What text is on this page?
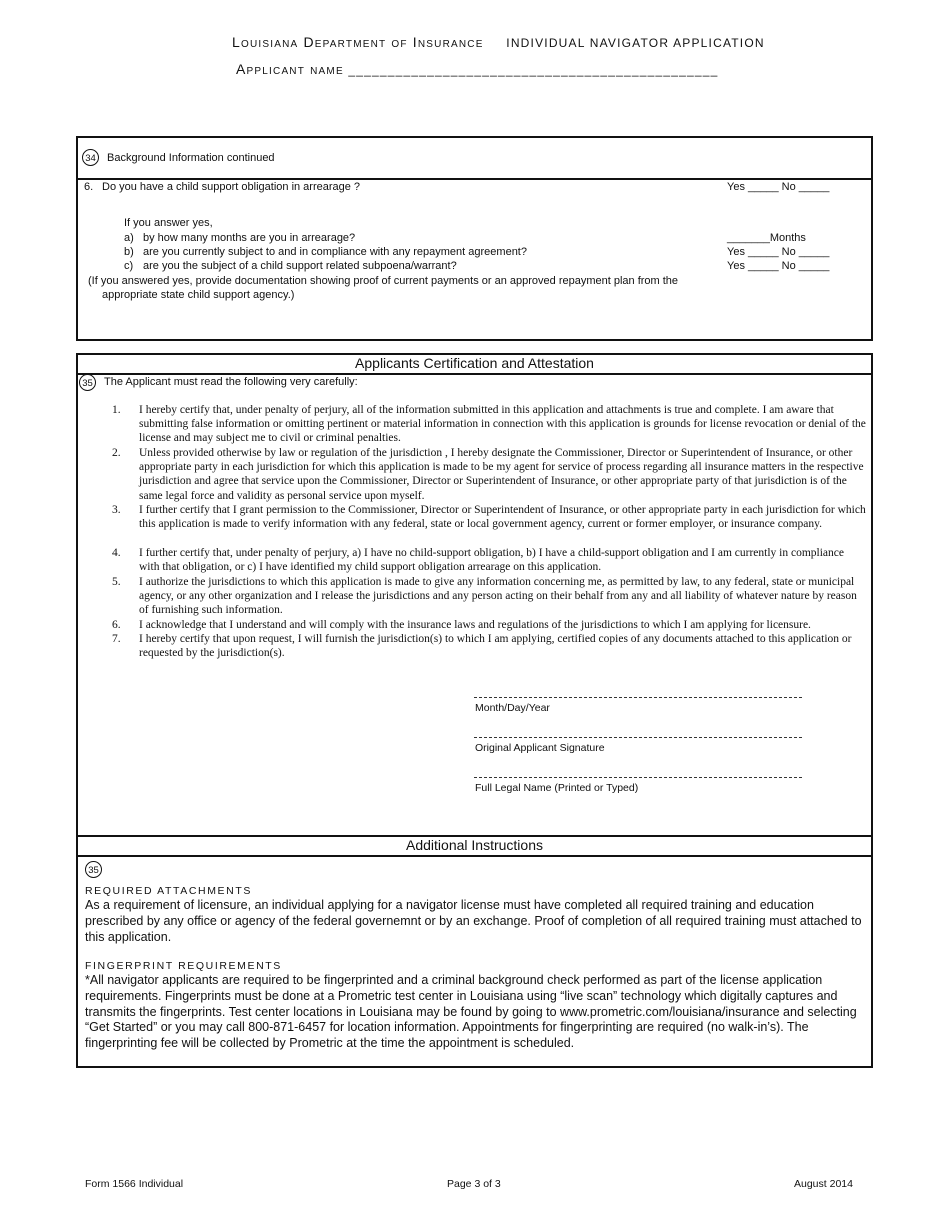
Louisiana Department of Insurance INDIVIDUAL NAVIGATOR APPLICATION
Applicant name _______________________________________________
34 Background Information continued
6. Do you have a child support obligation in arrearage ?	Yes _____ No _____
If you answer yes,
a) by how many months are you in arrearage?	_______Months
b) are you currently subject to and in compliance with any repayment agreement?	Yes _____ No _____
c) are you the subject of a child support related subpoena/warrant?	Yes _____ No _____
(If you answered yes, provide documentation showing proof of current payments or an approved repayment plan from the
appropriate state child support agency.)
Applicants Certification and Attestation
35 The Applicant must read the following very carefully:
1. I hereby certify that, under penalty of perjury, all of the information submitted in this application and attachments is true and complete. I am aware that submitting false information or omitting pertinent or material information in connection with this application is grounds for license revocation or denial of the license and may subject me to civil or criminal penalties.
2. Unless provided otherwise by law or regulation of the jurisdiction , I hereby designate the Commissioner, Director or Superintendent of Insurance, or other appropriate party in each jurisdiction for which this application is made to be my agent for service of process regarding all insurance matters in the respective jurisdiction and agree that service upon the Commissioner, Director or Superintendent of Insurance, or other appropriate party of that jurisdiction is of the same legal force and validity as personal service upon myself.
3. I further certify that I grant permission to the Commissioner, Director or Superintendent of Insurance, or other appropriate party in each jurisdiction for which this application is made to verify information with any federal, state or local government agency, current or former employer, or insurance company.
4. I further certify that, under penalty of perjury, a) I have no child-support obligation, b) I have a child-support obligation and I am currently in compliance with that obligation, or c) I have identified my child support obligation arrearage on this application.
5. I authorize the jurisdictions to which this application is made to give any information concerning me, as permitted by law, to any federal, state or municipal agency, or any other organization and I release the jurisdictions and any person acting on their behalf from any and all liability of whatever nature by reason of furnishing such information.
6. I acknowledge that I understand and will comply with the insurance laws and regulations of the jurisdictions to which I am applying for licensure.
7. I hereby certify that upon request, I will furnish the jurisdiction(s) to which I am applying, certified copies of any documents attached to this application or requested by the jurisdiction(s).
Month/Day/Year
Original Applicant Signature
Full Legal Name (Printed or Typed)
Additional Instructions
35
REQUIRED ATTACHMENTS
As a requirement of licensure, an individual applying for a navigator license must have completed all required training and education prescribed by any office or agency of the federal governemnt or by an exchange. Proof of completion of all required training must attached to this application.
FINGERPRINT REQUIREMENTS
*All navigator applicants are required to be fingerprinted and a criminal background check performed as part of the license application requirements. Fingerprints must be done at a Prometric test center in Louisiana using “live scan” technology which digitally captures and transmits the fingerprints. Test center locations in Louisiana may be found by going to www.prometric.com/louisiana/insurance and selecting “Get Started” or you may call 800-871-6457 for location information. Appointments for fingerprinting are required (no walk-in’s). The fingerprinting fee will be collected by Prometric at the time the appointment is scheduled.
Form 1566 Individual	Page 3 of 3	August 2014
